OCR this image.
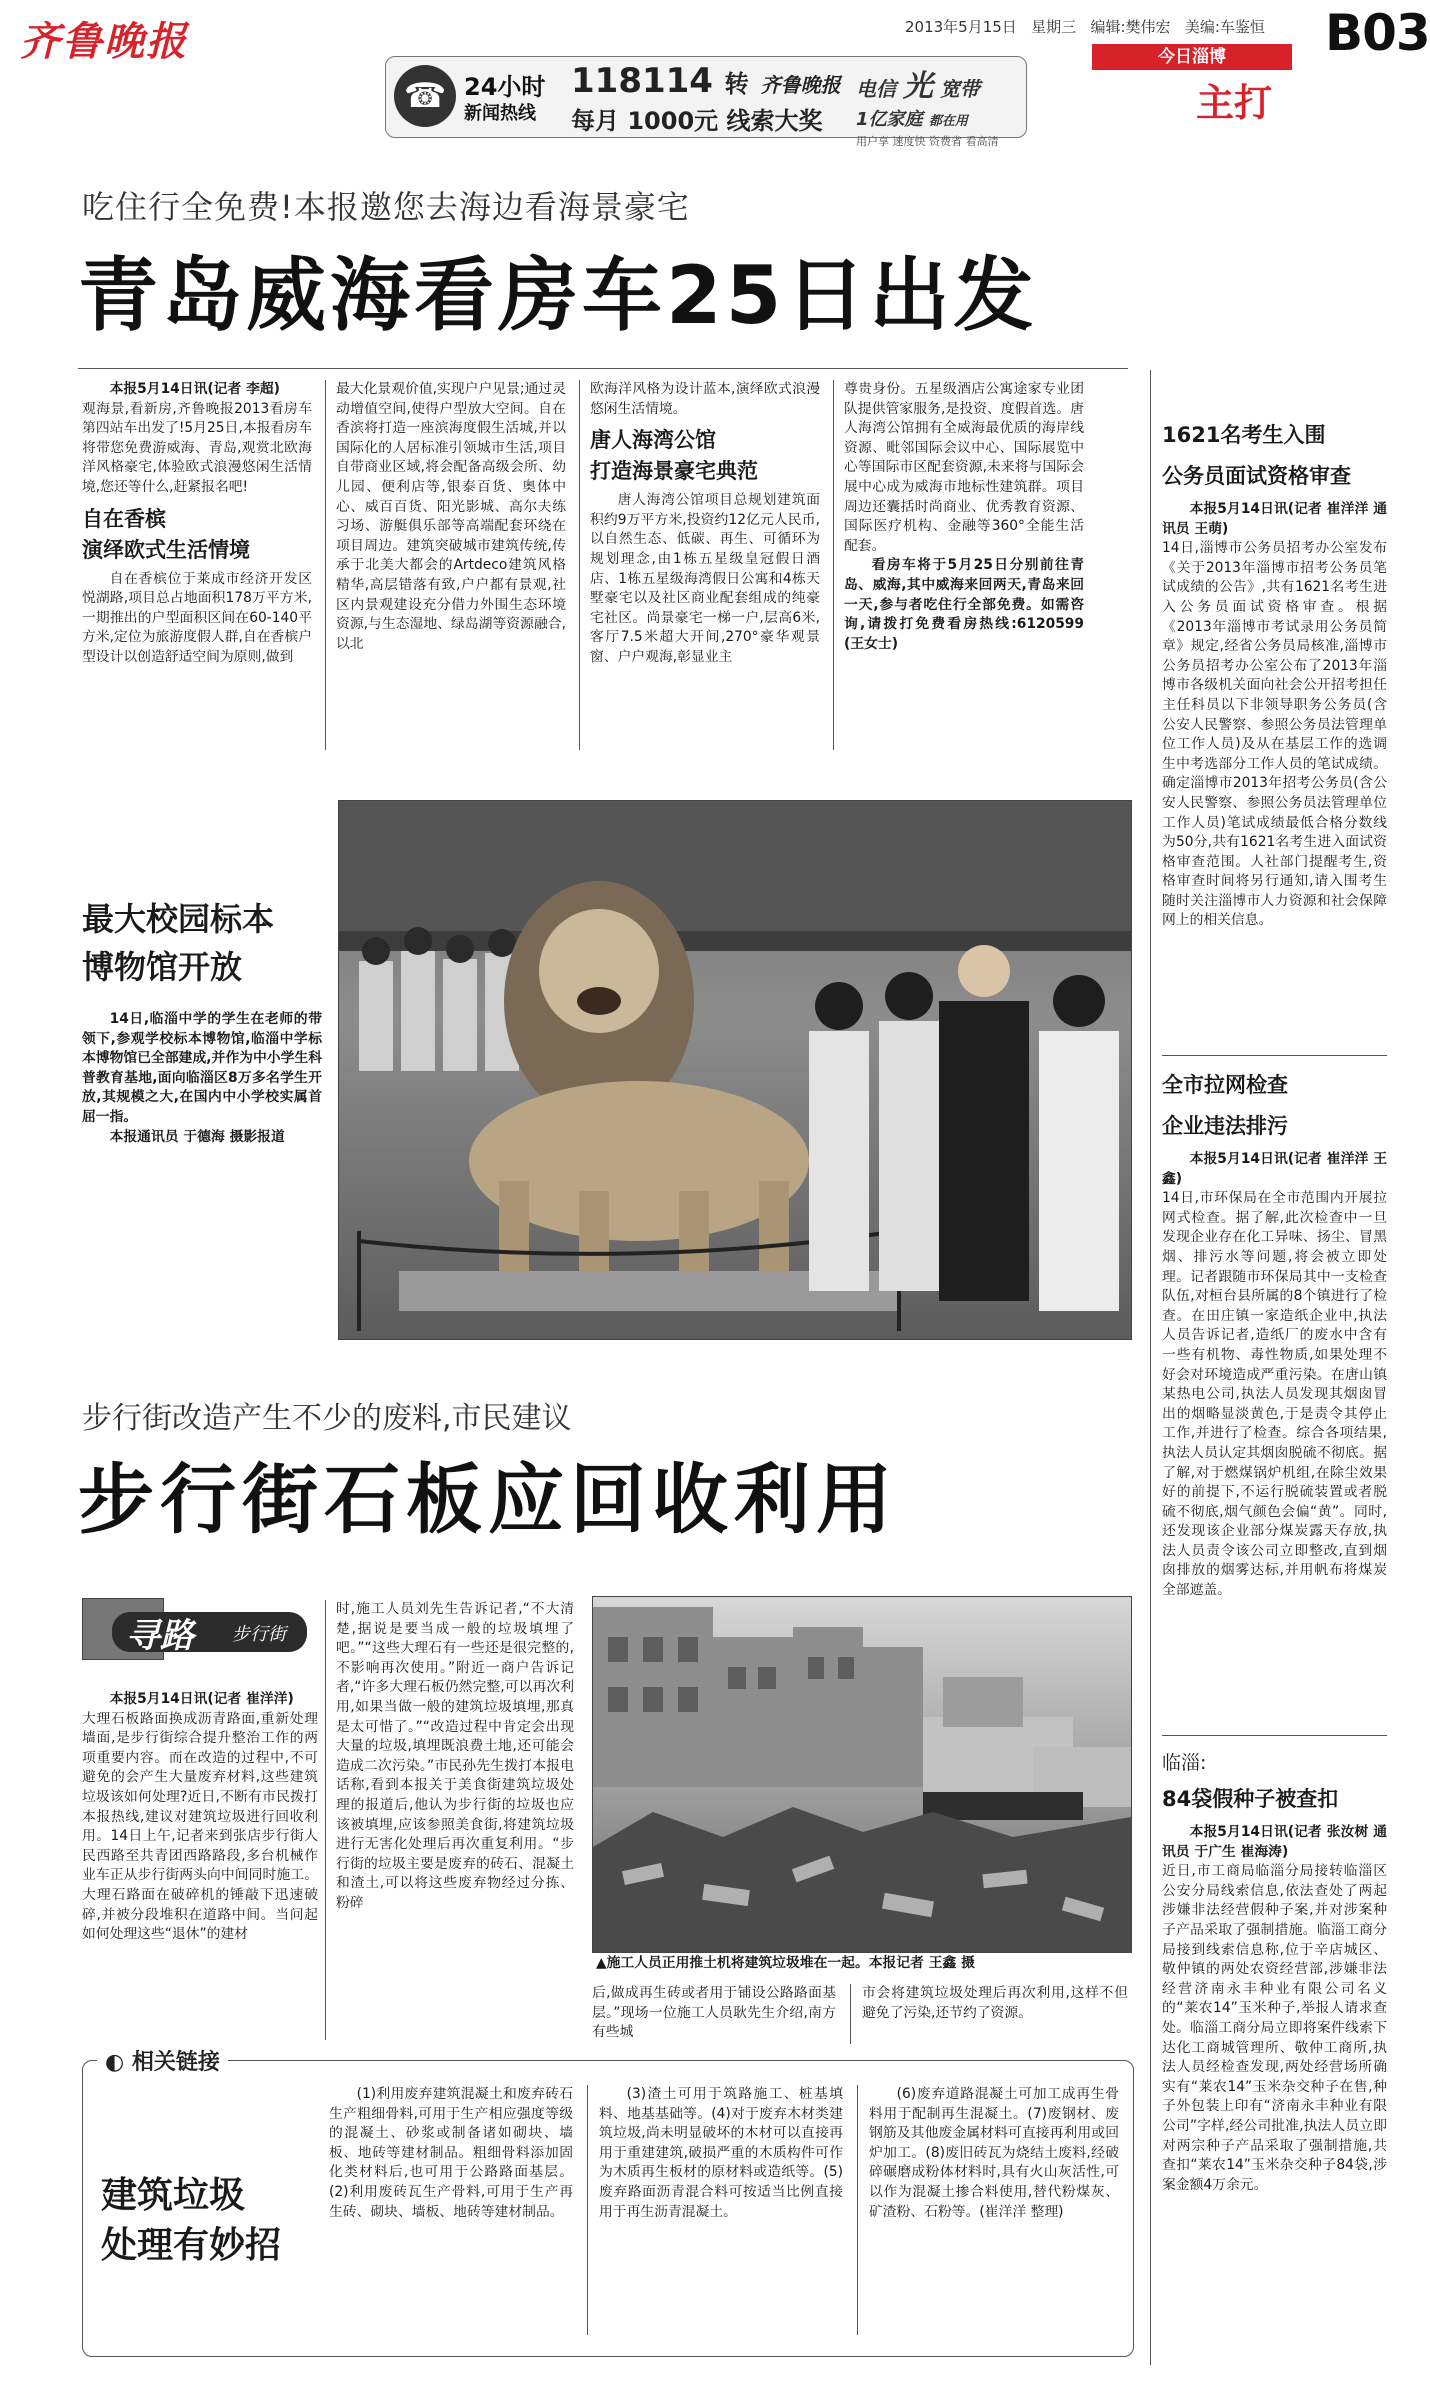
齐鲁晚报	2013年5月15日 星期三 编辑:樊伟宏 美编:车鉴恒 B03
今日淄博
主打
☎ 24小时
新闻热线
118114 转 齐鲁晚报
每月 1000元 线索大奖
电信 光 宽带
1亿家庭 都在用
用户享 速度快 资费省 看高清
吃住行全免费!本报邀您去海边看海景豪宅
青岛威海看房车25日出发

本报5月14日讯(记者 李超)

观海景,看新房,齐鲁晚报2013看房车第四站车出发了!5月25日,本报看房车将带您免费游威海、青岛,观赏北欧海洋风格豪宅,体验欧式浪漫悠闲生活情境,您还等什么,赶紧报名吧!

自在香槟
演绎欧式生活情境

自在香槟位于莱成市经济开发区悦湖路,项目总占地面积178万平方米,一期推出的户型面积区间在60-140平方米,定位为旅游度假人群,自在香槟户型设计以创造舒适空间为原则,做到

最大化景观价值,实现户户见景;通过灵动增值空间,使得户型放大空间。自在香滨将打造一座滨海度假生活城,并以国际化的人居标准引领城市生活,项目自带商业区域,将会配备高级会所、幼儿园、便利店等,银泰百货、奥体中心、威百百货、阳光影城、高尔夫练习场、游艇俱乐部等高端配套环绕在项目周边。建筑突破城市建筑传统,传承于北美大都会的Artdeco建筑风格精华,高层错落有致,户户都有景观,社区内景观建设充分借力外围生态环境资源,与生态湿地、绿岛湖等资源融合,以北

欧海洋风格为设计蓝本,演绎欧式浪漫悠闲生活情境。

唐人海湾公馆
打造海景豪宅典范

唐人海湾公馆项目总规划建筑面积约9万平方米,投资约12亿元人民币,以自然生态、低碳、再生、可循环为规划理念,由1栋五星级皇冠假日酒店、1栋五星级海湾假日公寓和4栋天墅豪宅以及社区商业配套组成的纯豪宅社区。尚景豪宅一梯一户,层高6米,客厅7.5米超大开间,270°豪华观景窗、户户观海,彰显业主

尊贵身份。五星级酒店公寓途家专业团队提供管家服务,是投资、度假首选。唐人海湾公馆拥有全威海最优质的海岸线资源、毗邻国际会议中心、国际展览中心等国际市区配套资源,未来将与国际会展中心成为威海市地标性建筑群。项目周边还囊括时尚商业、优秀教育资源、国际医疗机构、金融等360°全能生活配套。

看房车将于5月25日分别前往青岛、威海,其中威海来回两天,青岛来回一天,参与者吃住行全部免费。如需咨询,请拨打免费看房热线:6120599 (王女士)

1621名考生入围
公务员面试资格审查

本报5月14日讯(记者 崔洋洋 通讯员 王萌)

14日,淄博市公务员招考办公室发布《关于2013年淄博市招考公务员笔试成绩的公告》,共有1621名考生进入公务员面试资格审查。根据《2013年淄博市考试录用公务员简章》规定,经省公务员局核准,淄博市公务员招考办公室公布了2013年淄博市各级机关面向社会公开招考担任主任科员以下非领导职务公务员(含公安人民警察、参照公务员法管理单位工作人员)及从在基层工作的选调生中考选部分工作人员的笔试成绩。确定淄博市2013年招考公务员(含公安人民警察、参照公务员法管理单位工作人员)笔试成绩最低合格分数线为50分,共有1621名考生进入面试资格审查范围。人社部门提醒考生,资格审查时间将另行通知,请入围考生随时关注淄博市人力资源和社会保障网上的相关信息。

最大校园标本
博物馆开放

14日,临淄中学的学生在老师的带领下,参观学校标本博物馆,临淄中学标本博物馆已全部建成,并作为中小学生科普教育基地,面向临淄区8万多名学生开放,其规模之大,在国内中小学校实属首屈一指。

本报通讯员 于德海 摄影报道

全市拉网检查
企业违法排污

本报5月14日讯(记者 崔洋洋 王鑫)

14日,市环保局在全市范围内开展拉网式检查。据了解,此次检查中一旦发现企业存在化工异味、扬尘、冒黑烟、排污水等问题,将会被立即处理。记者跟随市环保局其中一支检查队伍,对桓台县所属的8个镇进行了检查。在田庄镇一家造纸企业中,执法人员告诉记者,造纸厂的废水中含有一些有机物、毒性物质,如果处理不好会对环境造成严重污染。在唐山镇某热电公司,执法人员发现其烟囱冒出的烟略显淡黄色,于是责令其停止工作,并进行了检查。综合各项结果,执法人员认定其烟囱脱硫不彻底。据了解,对于燃煤锅炉机组,在除尘效果好的前提下,不运行脱硫装置或者脱硫不彻底,烟气颜色会偏“黄”。同时,还发现该企业部分煤炭露天存放,执法人员责令该公司立即整改,直到烟囱排放的烟雾达标,并用帆布将煤炭全部遮盖。

临淄:
84袋假种子被查扣

本报5月14日讯(记者 张汝树 通讯员 于广生 崔海涛)

近日,市工商局临淄分局接转临淄区公安分局线索信息,依法查处了两起涉嫌非法经营假种子案,并对涉案种子产品采取了强制措施。临淄工商分局接到线索信息称,位于辛店城区、敬仲镇的两处农资经营部,涉嫌非法经营济南永丰种业有限公司名义的“莱农14”玉米种子,举报人请求查处。临淄工商分局立即将案件线索下达化工商城管理所、敬仲工商所,执法人员经检查发现,两处经营场所确实有“莱农14”玉米杂交种子在售,种子外包装上印有“济南永丰种业有限公司”字样,经公司批准,执法人员立即对两宗种子产品采取了强制措施,共查扣“莱农14”玉米杂交种子84袋,涉案金额4万余元。

步行街改造产生不少的废料,市民建议
步行街石板应回收利用
寻路 步行街

本报5月14日讯(记者 崔洋洋)

大理石板路面换成沥青路面,重新处理墙面,是步行街综合提升整治工作的两项重要内容。而在改造的过程中,不可避免的会产生大量废弃材料,这些建筑垃圾该如何处理?近日,不断有市民拨打本报热线,建议对建筑垃圾进行回收利用。14日上午,记者来到张店步行街人民西路至共青团西路路段,多台机械作业车正从步行街两头向中间同时施工。大理石路面在破碎机的锤敲下迅速破碎,并被分段堆积在道路中间。当问起如何处理这些“退休”的建材

时,施工人员刘先生告诉记者,“不大清楚,据说是要当成一般的垃圾填埋了吧。”“这些大理石有一些还是很完整的,不影响再次使用。”附近一商户告诉记者,“许多大理石板仍然完整,可以再次利用,如果当做一般的建筑垃圾填埋,那真是太可惜了。”“改造过程中肯定会出现大量的垃圾,填埋既浪费土地,还可能会造成二次污染。”市民孙先生拨打本报电话称,看到本报关于美食街建筑垃圾处理的报道后,他认为步行街的垃圾也应该被填埋,应该参照美食街,将建筑垃圾进行无害化处理后再次重复利用。“步行街的垃圾主要是废弃的砖石、混凝土和渣土,可以将这些废弃物经过分拣、粉碎

▲施工人员正用推土机将建筑垃圾堆在一起。本报记者 王鑫 摄

后,做成再生砖或者用于铺设公路路面基层。”现场一位施工人员耿先生介绍,南方有些城

市会将建筑垃圾处理后再次利用,这样不但避免了污染,还节约了资源。

◐ 相关链接
建筑垃圾
处理有妙招

(1)利用废弃建筑混凝土和废弃砖石生产粗细骨料,可用于生产相应强度等级的混凝土、砂浆或制备诸如砌块、墙板、地砖等建材制品。粗细骨料添加固化类材料后,也可用于公路路面基层。(2)利用废砖瓦生产骨料,可用于生产再生砖、砌块、墙板、地砖等建材制品。

(3)渣土可用于筑路施工、桩基填料、地基基础等。(4)对于废弃木材类建筑垃圾,尚未明显破坏的木材可以直接再用于重建建筑,破损严重的木质构件可作为木质再生板材的原材料或造纸等。(5)废弃路面沥青混合料可按适当比例直接用于再生沥青混凝土。

(6)废弃道路混凝土可加工成再生骨料用于配制再生混凝土。(7)废钢材、废钢筋及其他废金属材料可直接再利用或回炉加工。(8)废旧砖瓦为烧结土废料,经破碎碾磨成粉体材料时,具有火山灰活性,可以作为混凝土掺合料使用,替代粉煤灰、矿渣粉、石粉等。(崔洋洋 整理)
